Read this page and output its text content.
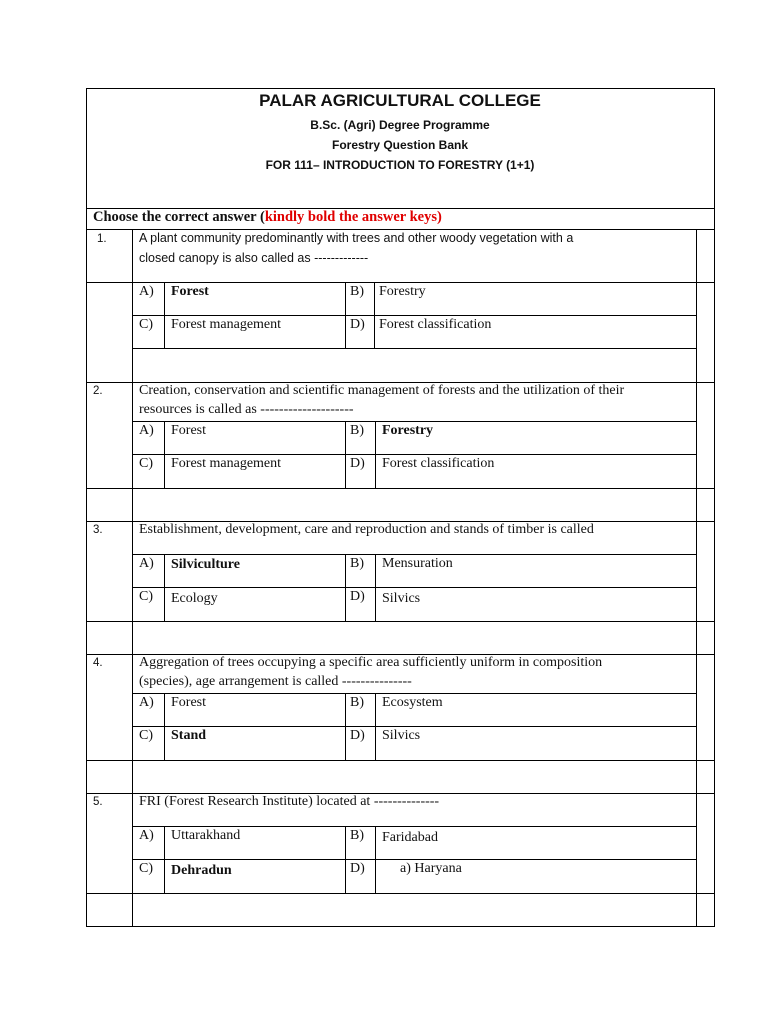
PALAR AGRICULTURAL COLLEGE
B.Sc. (Agri) Degree Programme
Forestry Question Bank
FOR 111– INTRODUCTION TO FORESTRY (1+1)
Choose the correct answer (kindly bold the answer keys)
1.	A plant community predominantly with trees and other woody vegetation with a
closed canopy is also called as -------------
A) Forest	B) Forestry
C) Forest management	D) Forest classification
2.	Creation, conservation and scientific management of forests and the utilization of their
resources is called as --------------------
A) Forest	B) Forestry
C) Forest management	D) Forest classification
3.	Establishment, development, care and reproduction and stands of timber is called
A) Silviculture	B) Mensuration
C) Ecology	D) Silvics
4.	Aggregation of trees occupying a specific area sufficiently uniform in composition
(species), age arrangement is called ---------------
A) Forest	B) Ecosystem
C) Stand	D) Silvics
5.	FRI (Forest Research Institute) located at --------------
A) Uttarakhand	B) Faridabad
C) Dehradun	D)	a) Haryana
